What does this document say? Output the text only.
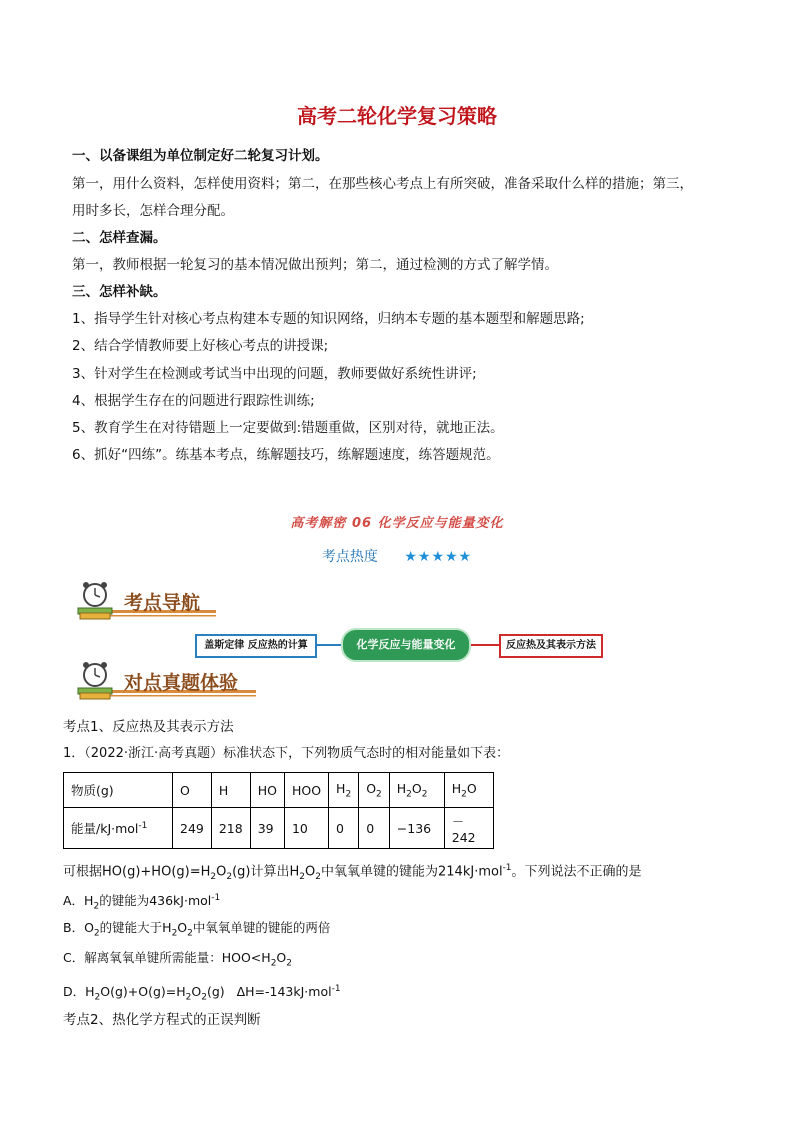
高考二轮化学复习策略
一、以备课组为单位制定好二轮复习计划。
第一，用什么资料，怎样使用资料；第二，在那些核心考点上有所突破，准备采取什么样的措施；第三，
用时多长，怎样合理分配。
二、怎样查漏。
第一，教师根据一轮复习的基本情况做出预判；第二，通过检测的方式了解学情。
三、怎样补缺。
1、指导学生针对核心考点构建本专题的知识网络，归纳本专题的基本题型和解题思路;
2、结合学情教师要上好核心考点的讲授课;
3、针对学生在检测或考试当中出现的问题，教师要做好系统性讲评;
4、根据学生存在的问题进行跟踪性训练;
5、教育学生在对待错题上一定要做到:错题重做，区别对待，就地正法。
6、抓好“四练”。练基本考点，练解题技巧，练解题速度，练答题规范。
高考解密 06 化学反应与能量变化
考点热度 ★★★★★
考点导航
盖斯定律 反应热的计算	化学反应与能量变化	反应热及其表示方法
对点真题体验
考点1、反应热及其表示方法
1．（2022·浙江·高考真题）标准状态下，下列物质气态时的相对能量如下表：
物质(g)	O	H	HO	HOO	$H_2$	$O_2$	$H_2O_2$	$H_2O$
能量/kJ·mol$^{-1}$	249	218	39	10	0	0	−136	－242
可根据$HO(g)+HO(g)=H_2O_2(g)$计算出$H_2O_2$中氧氧单键的键能为214kJ·mol$^{-1}$。下列说法不正确的是
A．$H_2$的键能为436kJ·mol$^{-1}$
B．$O_2$的键能大于$H_2O_2$中氧氧单键的键能的两倍
C．解离氧氧单键所需能量：$HOO<H_2O_2$
D．$H_2O(g)+O(g)=H_2O_2(g)$   ΔH=-143kJ·mol$^{-1}$
考点2、热化学方程式的正误判断
